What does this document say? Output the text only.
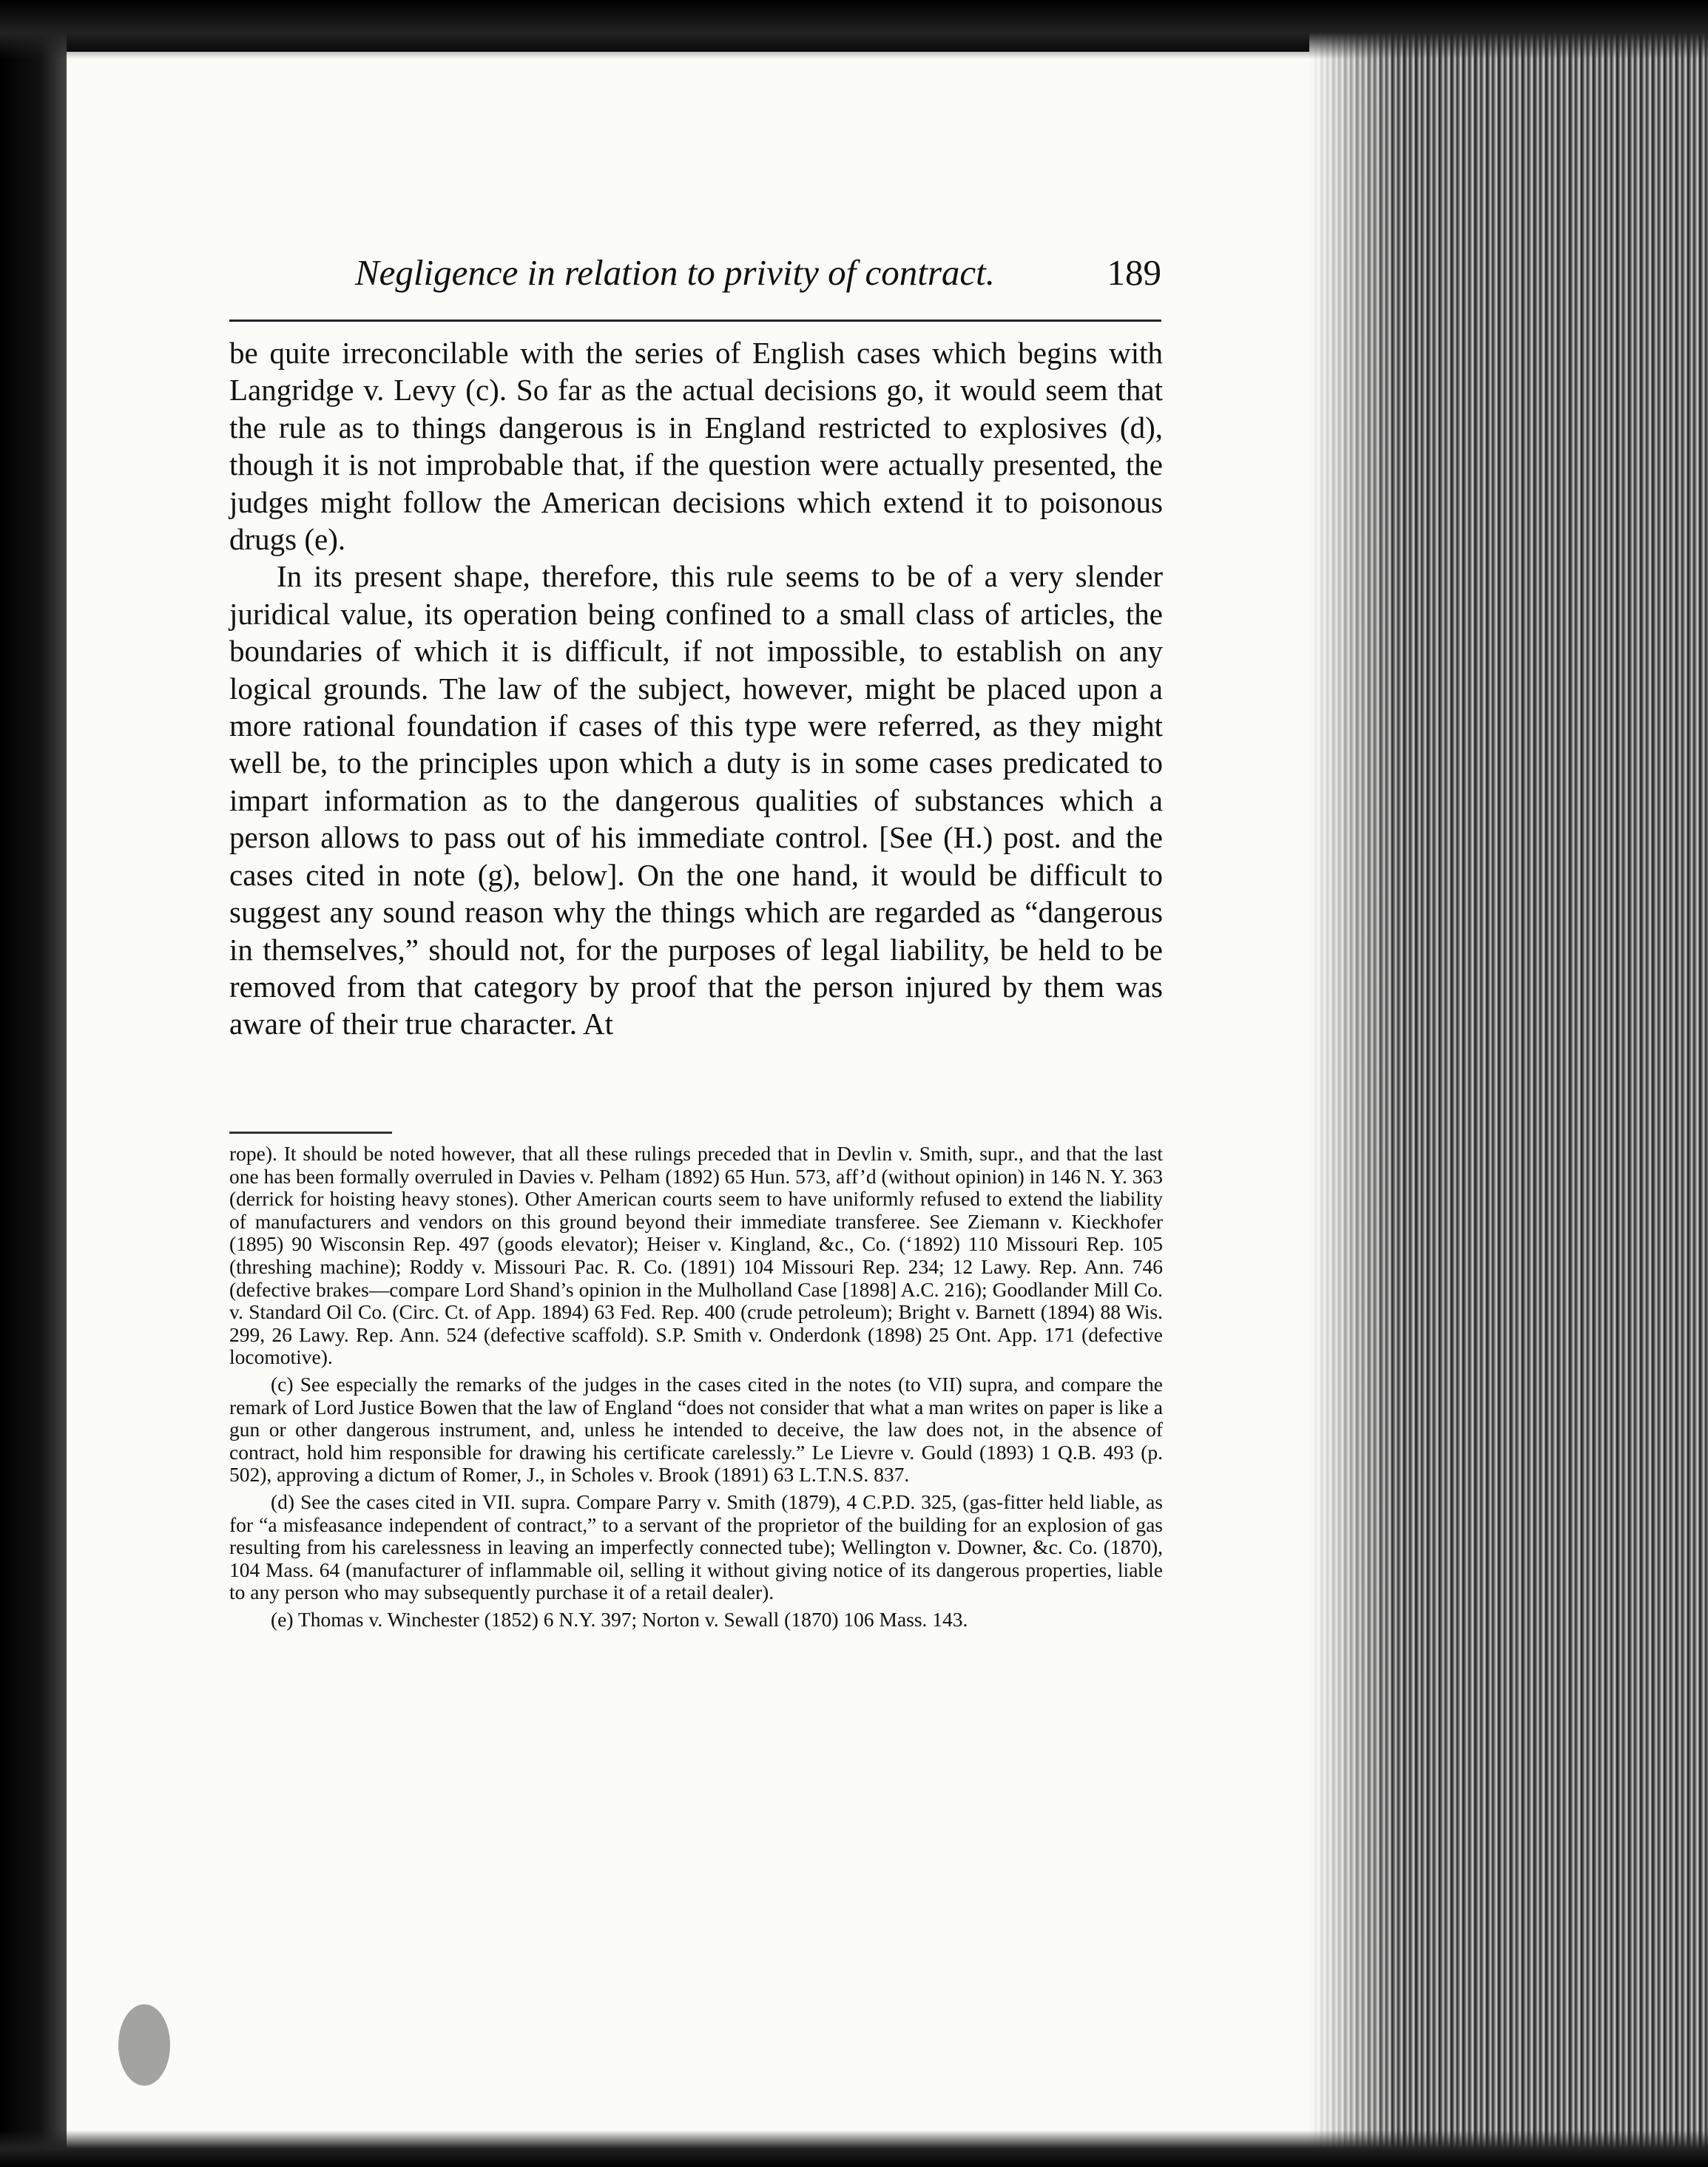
Negligence in relation to privity of contract.	189

be quite irreconcilable with the series of English cases which begins with Langridge v. Levy (c). So far as the actual decisions go, it would seem that the rule as to things dangerous is in England restricted to explosives (d), though it is not improbable that, if the question were actually presented, the judges might follow the American decisions which extend it to poisonous drugs (e).

In its present shape, therefore, this rule seems to be of a very slender juridical value, its operation being confined to a small class of articles, the boundaries of which it is difficult, if not impossible, to establish on any logical grounds. The law of the subject, however, might be placed upon a more rational foundation if cases of this type were referred, as they might well be, to the principles upon which a duty is in some cases predicated to impart information as to the dangerous qualities of substances which a person allows to pass out of his immediate control. [See (H.) post. and the cases cited in note (g), below]. On the one hand, it would be difficult to suggest any sound reason why the things which are regarded as “dangerous in themselves,” should not, for the purposes of legal liability, be held to be removed from that category by proof that the person injured by them was aware of their true character. At

rope). It should be noted however, that all these rulings preceded that in Devlin v. Smith, supr., and that the last one has been formally overruled in Davies v. Pelham (1892) 65 Hun. 573, aff’d (without opinion) in 146 N. Y. 363 (derrick for hoisting heavy stones). Other American courts seem to have uniformly refused to extend the liability of manufacturers and vendors on this ground beyond their immediate transferee. See Ziemann v. Kieckhofer (1895) 90 Wisconsin Rep. 497 (goods elevator); Heiser v. Kingland, &c., Co. (‘1892) 110 Missouri Rep. 105 (threshing machine); Roddy v. Missouri Pac. R. Co. (1891) 104 Missouri Rep. 234; 12 Lawy. Rep. Ann. 746 (defective brakes—compare Lord Shand’s opinion in the Mulholland Case [1898] A.C. 216); Goodlander Mill Co. v. Standard Oil Co. (Circ. Ct. of App. 1894) 63 Fed. Rep. 400 (crude petroleum); Bright v. Barnett (1894) 88 Wis. 299, 26 Lawy. Rep. Ann. 524 (defective scaffold). S.P. Smith v. Onderdonk (1898) 25 Ont. App. 171 (defective locomotive).

(c) See especially the remarks of the judges in the cases cited in the notes (to VII) supra, and compare the remark of Lord Justice Bowen that the law of England “does not consider that what a man writes on paper is like a gun or other dangerous instrument, and, unless he intended to deceive, the law does not, in the absence of contract, hold him responsible for drawing his certificate carelessly.” Le Lievre v. Gould (1893) 1 Q.B. 493 (p. 502), approving a dictum of Romer, J., in Scholes v. Brook (1891) 63 L.T.N.S. 837.

(d) See the cases cited in VII. supra. Compare Parry v. Smith (1879), 4 C.P.D. 325, (gas-fitter held liable, as for “a misfeasance independent of contract,” to a servant of the proprietor of the building for an explosion of gas resulting from his carelessness in leaving an imperfectly connected tube); Wellington v. Downer, &c. Co. (1870), 104 Mass. 64 (manufacturer of inflammable oil, selling it without giving notice of its dangerous properties, liable to any person who may subsequently purchase it of a retail dealer).

(e) Thomas v. Winchester (1852) 6 N.Y. 397; Norton v. Sewall (1870) 106 Mass. 143.
